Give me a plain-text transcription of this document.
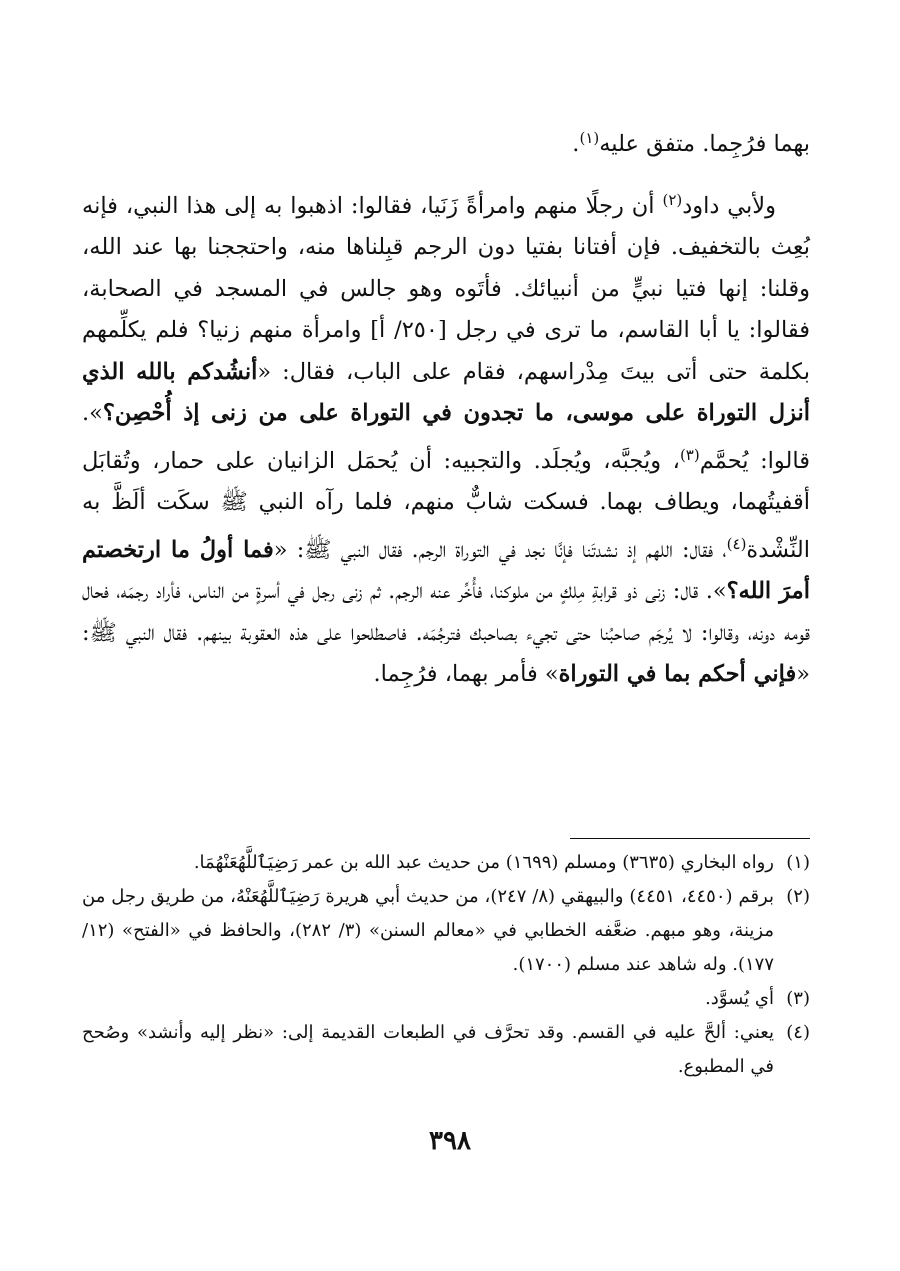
بهما فرُجِما. متفق عليه$^{(١)}$.

ولأبي داود$^{(٢)}$ أن رجلًا منهم وامرأةً زَنَيا، فقالوا: اذهبوا به إلى هذا النبي، فإنه بُعِث بالتخفيف. فإن أفتانا بفتيا دون الرجم قبِلناها منه، واحتججنا بها عند الله، وقلنا: إنها فتيا نبيٍّ من أنبيائك. فأتَوه وهو جالس في المسجد في الصحابة، فقالوا: يا أبا القاسم، ما ترى في رجل [٢٥٠/ أ] وامرأة منهم زنيا؟ فلم يكلِّمهم بكلمة حتى أتى بيتَ مِدْراسهم، فقام على الباب، فقال: «أنشُدكم بالله الذي أنزل التوراة على موسى، ما تجدون في التوراة على من زنى إذ أُحْصِن؟». قالوا: يُحمَّم$^{(٣)}$، ويُجبَّه، ويُجلَد. والتجبيه: أن يُحمَل الزانيان على حمار، وتُقابَل أقفيتُهما، ويطاف بهما. فسكت شابٌّ منهم، فلما رآه النبي ﷺ سكَت ألَظَّ به النِّشْدة$^{(٤)}$، فقال: اللهم إذ نشدتَنا فإنَّا نجد في التوراة الرجم. فقال النبي ﷺ: «فما أولُ ما ارتخصتم أمرَ الله؟». قال: زنى ذو قرابةِ مِلكٍ من ملوكنا، فأُخِّر عنه الرجم. ثم زنى رجل في أسرةٍ من الناس، فأراد رجمَه، فحال قومه دونه، وقالوا: لا يُرجَم صاحبُنا حتى تجيء بصاحبك فترجُمَه. فاصطلحوا على هذه العقوبة بينهم. فقال النبي ﷺ: «فإني أحكم بما في التوراة» فأمر بهما، فرُجِما.

(١)
رواه البخاري (٣٦٣٥) ومسلم (١٦٩٩) من حديث عبد الله بن عمر رَضِيَٱللَّهُعَنْهُمَا.
(٢)
برقم (٤٤٥٠، ٤٤٥١) والبيهقي (٨/ ٢٤٧)، من حديث أبي هريرة رَضِيَٱللَّهُعَنْهُ، من طريق رجل من مزينة، وهو مبهم. ضعَّفه الخطابي في «معالم السنن» (٣/ ٢٨٢)، والحافظ في «الفتح» (١٢/ ١٧٧). وله شاهد عند مسلم (١٧٠٠).
(٣)
أي يُسوَّد.
(٤)
يعني: ألحَّ عليه في القسم. وقد تحرَّف في الطبعات القديمة إلى: «نظر إليه وأنشد» وصُحح في المطبوع.
٣٩٨
